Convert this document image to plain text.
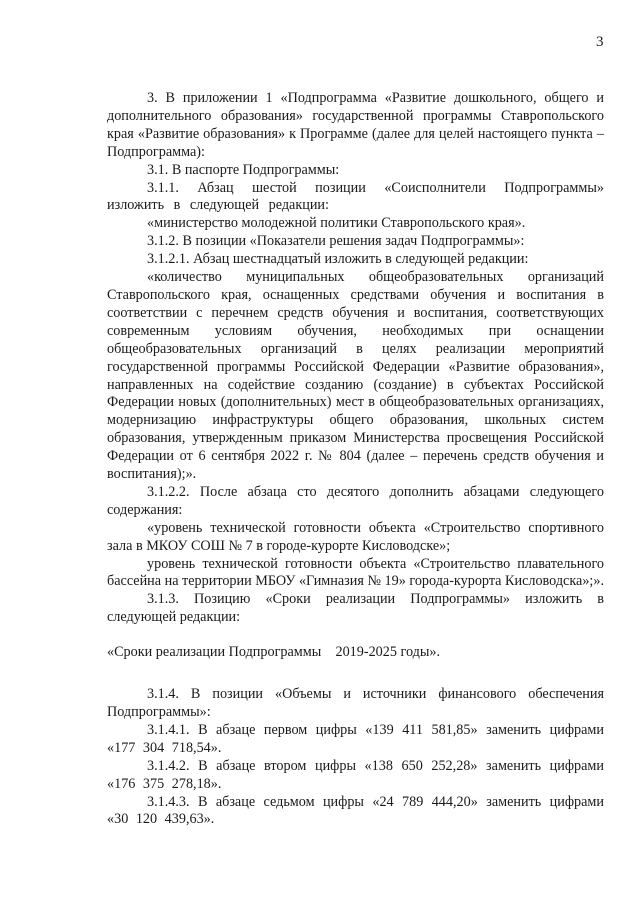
3

3. В приложении 1 «Подпрограмма «Развитие дошкольного, общего и дополнительного образования» государственной программы Ставропольского края «Развитие образования» к Программе (далее для целей настоящего пункта – Подпрограмма):

3.1. В паспорте Подпрограммы:

3.1.1. Абзац шестой позиции «Соисполнители Подпрограммы» изложить в следующей редакции:

«министерство молодежной политики Ставропольского края».

3.1.2. В позиции «Показатели решения задач Подпрограммы»:

3.1.2.1. Абзац шестнадцатый изложить в следующей редакции:

«количество муниципальных общеобразовательных организаций Ставропольского края, оснащенных средствами обучения и воспитания в соответствии с перечнем средств обучения и воспитания, соответствующих современным условиям обучения, необходимых при оснащении общеобразовательных организаций в целях реализации мероприятий государственной программы Российской Федерации «Развитие образования», направленных на содействие созданию (создание) в субъектах Российской Федерации новых (дополнительных) мест в общеобразовательных организациях, модернизацию инфраструктуры общего образования, школьных систем образования, утвержденным приказом Министерства просвещения Российской Федерации от 6 сентября 2022 г. № 804 (далее – перечень средств обучения и воспитания);».

3.1.2.2. После абзаца сто десятого дополнить абзацами следующего содержания:

«уровень технической готовности объекта «Строительство спортивного зала в МКОУ СОШ № 7 в городе-курорте Кисловодске»;

уровень технической готовности объекта «Строительство плавательного бассейна на территории МБОУ «Гимназия № 19» города-курорта Кисловодска»;».

3.1.3. Позицию «Сроки реализации Подпрограммы» изложить в следующей редакции:

«Сроки реализации Подпрограммы 2019-2025 годы».

3.1.4. В позиции «Объемы и источники финансового обеспечения Подпрограммы»:

3.1.4.1. В абзаце первом цифры «139 411 581,85» заменить цифрами «177 304 718,54».

3.1.4.2. В абзаце втором цифры «138 650 252,28» заменить цифрами «176 375 278,18».

3.1.4.3. В абзаце седьмом цифры «24 789 444,20» заменить цифрами «30 120 439,63».
